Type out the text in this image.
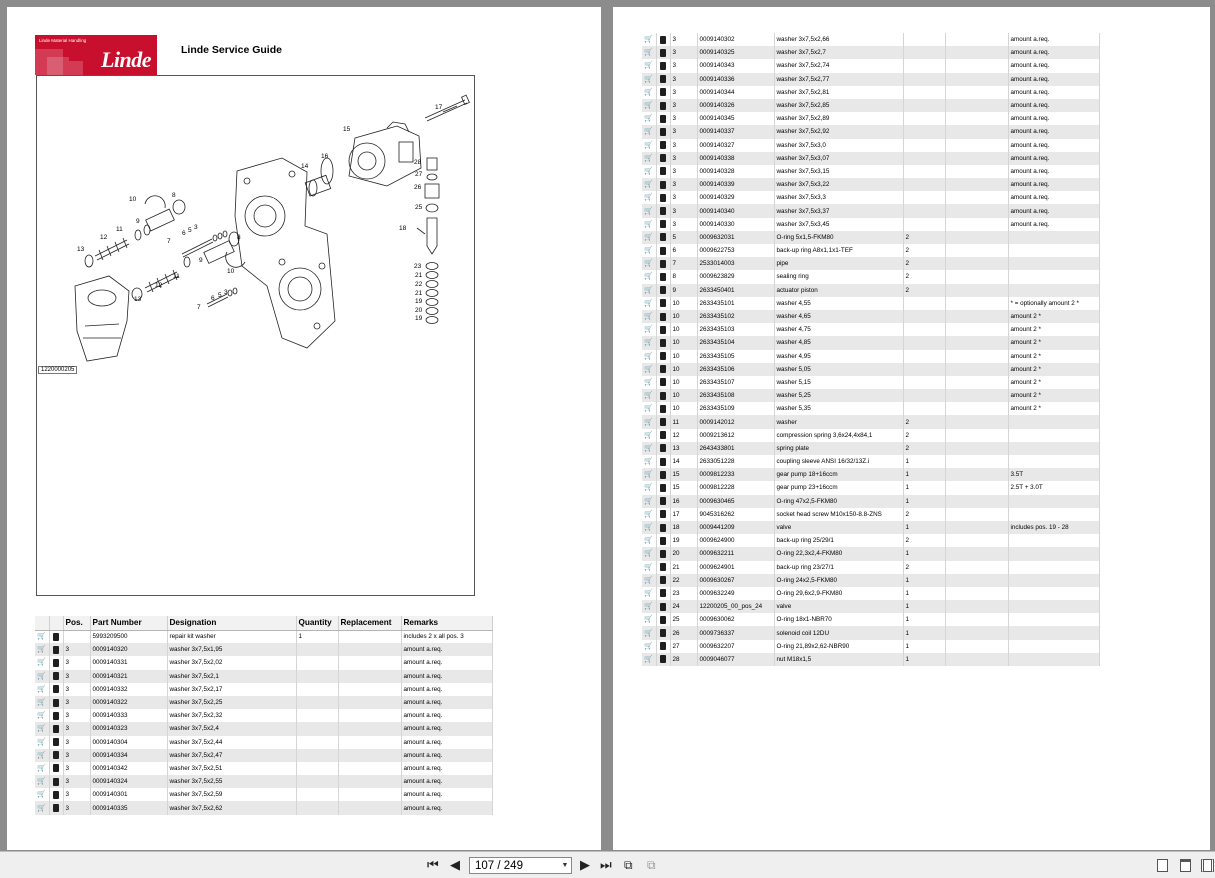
Linde Material Handling
Linde	Linde Service Guide
17
15
16
14
28
27
26
25
18
10
8
9
11
12
13
7
6 5 3
9
10
8
23
21
22
21
19
20
19
11
12
13
7
6 5 3
1220000205
		Pos.	Part Number	Designation	Quantity	Replacement	Remarks
🛒			5993209500	repair kit washer	1		includes 2 x all pos. 3
🛒		3	0009140320	washer 3x7,5x1,95			amount a.req.
🛒		3	0009140331	washer 3x7,5x2,02			amount a.req.
🛒		3	0009140321	washer 3x7,5x2,1			amount a.req.
🛒		3	0009140332	washer 3x7,5x2,17			amount a.req.
🛒		3	0009140322	washer 3x7,5x2,25			amount a.req.
🛒		3	0009140333	washer 3x7,5x2,32			amount a.req.
🛒		3	0009140323	washer 3x7,5x2,4			amount a.req.
🛒		3	0009140304	washer 3x7,5x2,44			amount a.req.
🛒		3	0009140334	washer 3x7,5x2,47			amount a.req.
🛒		3	0009140342	washer 3x7,5x2,51			amount a.req.
🛒		3	0009140324	washer 3x7,5x2,55			amount a.req.
🛒		3	0009140301	washer 3x7,5x2,59			amount a.req.
🛒		3	0009140335	washer 3x7,5x2,62			amount a.req.
🛒		3	0009140302	washer 3x7,5x2,66			amount a.req.
🛒		3	0009140325	washer 3x7,5x2,7			amount a.req.
🛒		3	0009140343	washer 3x7,5x2,74			amount a.req.
🛒		3	0009140336	washer 3x7,5x2,77			amount a.req.
🛒		3	0009140344	washer 3x7,5x2,81			amount a.req.
🛒		3	0009140326	washer 3x7,5x2,85			amount a.req.
🛒		3	0009140345	washer 3x7,5x2,89			amount a.req.
🛒		3	0009140337	washer 3x7,5x2,92			amount a.req.
🛒		3	0009140327	washer 3x7,5x3,0			amount a.req.
🛒		3	0009140338	washer 3x7,5x3,07			amount a.req.
🛒		3	0009140328	washer 3x7,5x3,15			amount a.req.
🛒		3	0009140339	washer 3x7,5x3,22			amount a.req.
🛒		3	0009140329	washer 3x7,5x3,3			amount a.req.
🛒		3	0009140340	washer 3x7,5x3,37			amount a.req.
🛒		3	0009140330	washer 3x7,5x3,45			amount a.req.
🛒		5	0009632031	O-ring 5x1,5-FKM80	2		
🛒		6	0009622753	back-up ring A8x1,1x1-TEF	2		
🛒		7	2533014003	pipe	2		
🛒		8	0009623829	sealing ring	2		
🛒		9	2633450401	actuator piston	2		
🛒		10	2633435101	washer 4,55			* = optionally amount 2 *
🛒		10	2633435102	washer 4,65			amount 2 *
🛒		10	2633435103	washer 4,75			amount 2 *
🛒		10	2633435104	washer 4,85			amount 2 *
🛒		10	2633435105	washer 4,95			amount 2 *
🛒		10	2633435106	washer 5,05			amount 2 *
🛒		10	2633435107	washer 5,15			amount 2 *
🛒		10	2633435108	washer 5,25			amount 2 *
🛒		10	2633435109	washer 5,35			amount 2 *
🛒		11	0009142012	washer	2		
🛒		12	0009213612	compression spring 3,6x24,4x84,1	2		
🛒		13	2643433801	spring plate	2		
🛒		14	2633051228	coupling sleeve ANSI 16/32/13Z.i	1		
🛒		15	0009812233	gear pump 18+16ccm	1		3.5T
🛒		15	0009812228	gear pump 23+16ccm	1		2.5T + 3.0T
🛒		16	0009630465	O-ring 47x2,5-FKM80	1		
🛒		17	9045316262	socket head screw M10x150-8.8-ZNS	2		
🛒		18	0009441209	valve	1		includes pos. 19 - 28
🛒		19	0009624900	back-up ring 25/29/1	2		
🛒		20	0009632211	O-ring 22,3x2,4-FKM80	1		
🛒		21	0009624901	back-up ring 23/27/1	2		
🛒		22	0009630267	O-ring 24x2,5-FKM80	1		
🛒		23	0009632249	O-ring 29,6x2,9-FKM80	1		
🛒		24	12200205_00_pos_24	valve	1		
🛒		25	0009630062	O-ring 18x1-NBR70	1		
🛒		26	0009736337	solenoid coil 12DU	1		
🛒		27	0009632207	O-ring 21,89x2,62-NBR90	1		
🛒		28	0009046077	nut M18x1,5	1		
⏮ ◀	107 / 249	▼ ▶ ⏭ ⧉ ⧉
